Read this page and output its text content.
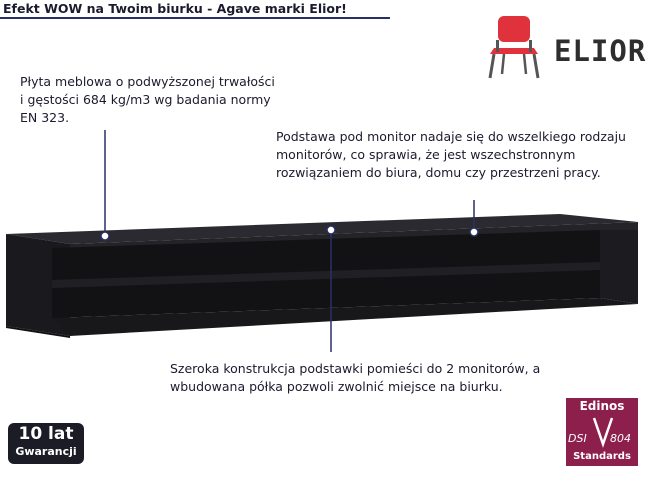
Efekt WOW na Twoim biurku - Agave marki Elior!
ELIOR

Płyta meblowa o podwyższonej trwałości i gęstości 684 kg/m3 wg badania normy EN 323.

Podstawa pod monitor nadaje się do wszelkiego rodzaju monitorów, co sprawia, że jest wszechstronnym rozwiązaniem do biura, domu czy przestrzeni pracy.

Szeroka konstrukcja podstawki pomieści do 2 monitorów, a wbudowana półka pozwoli zwolnić miejsce na biurku.

10 lat
Gwarancji
Edinos
DSI 804
Standards
